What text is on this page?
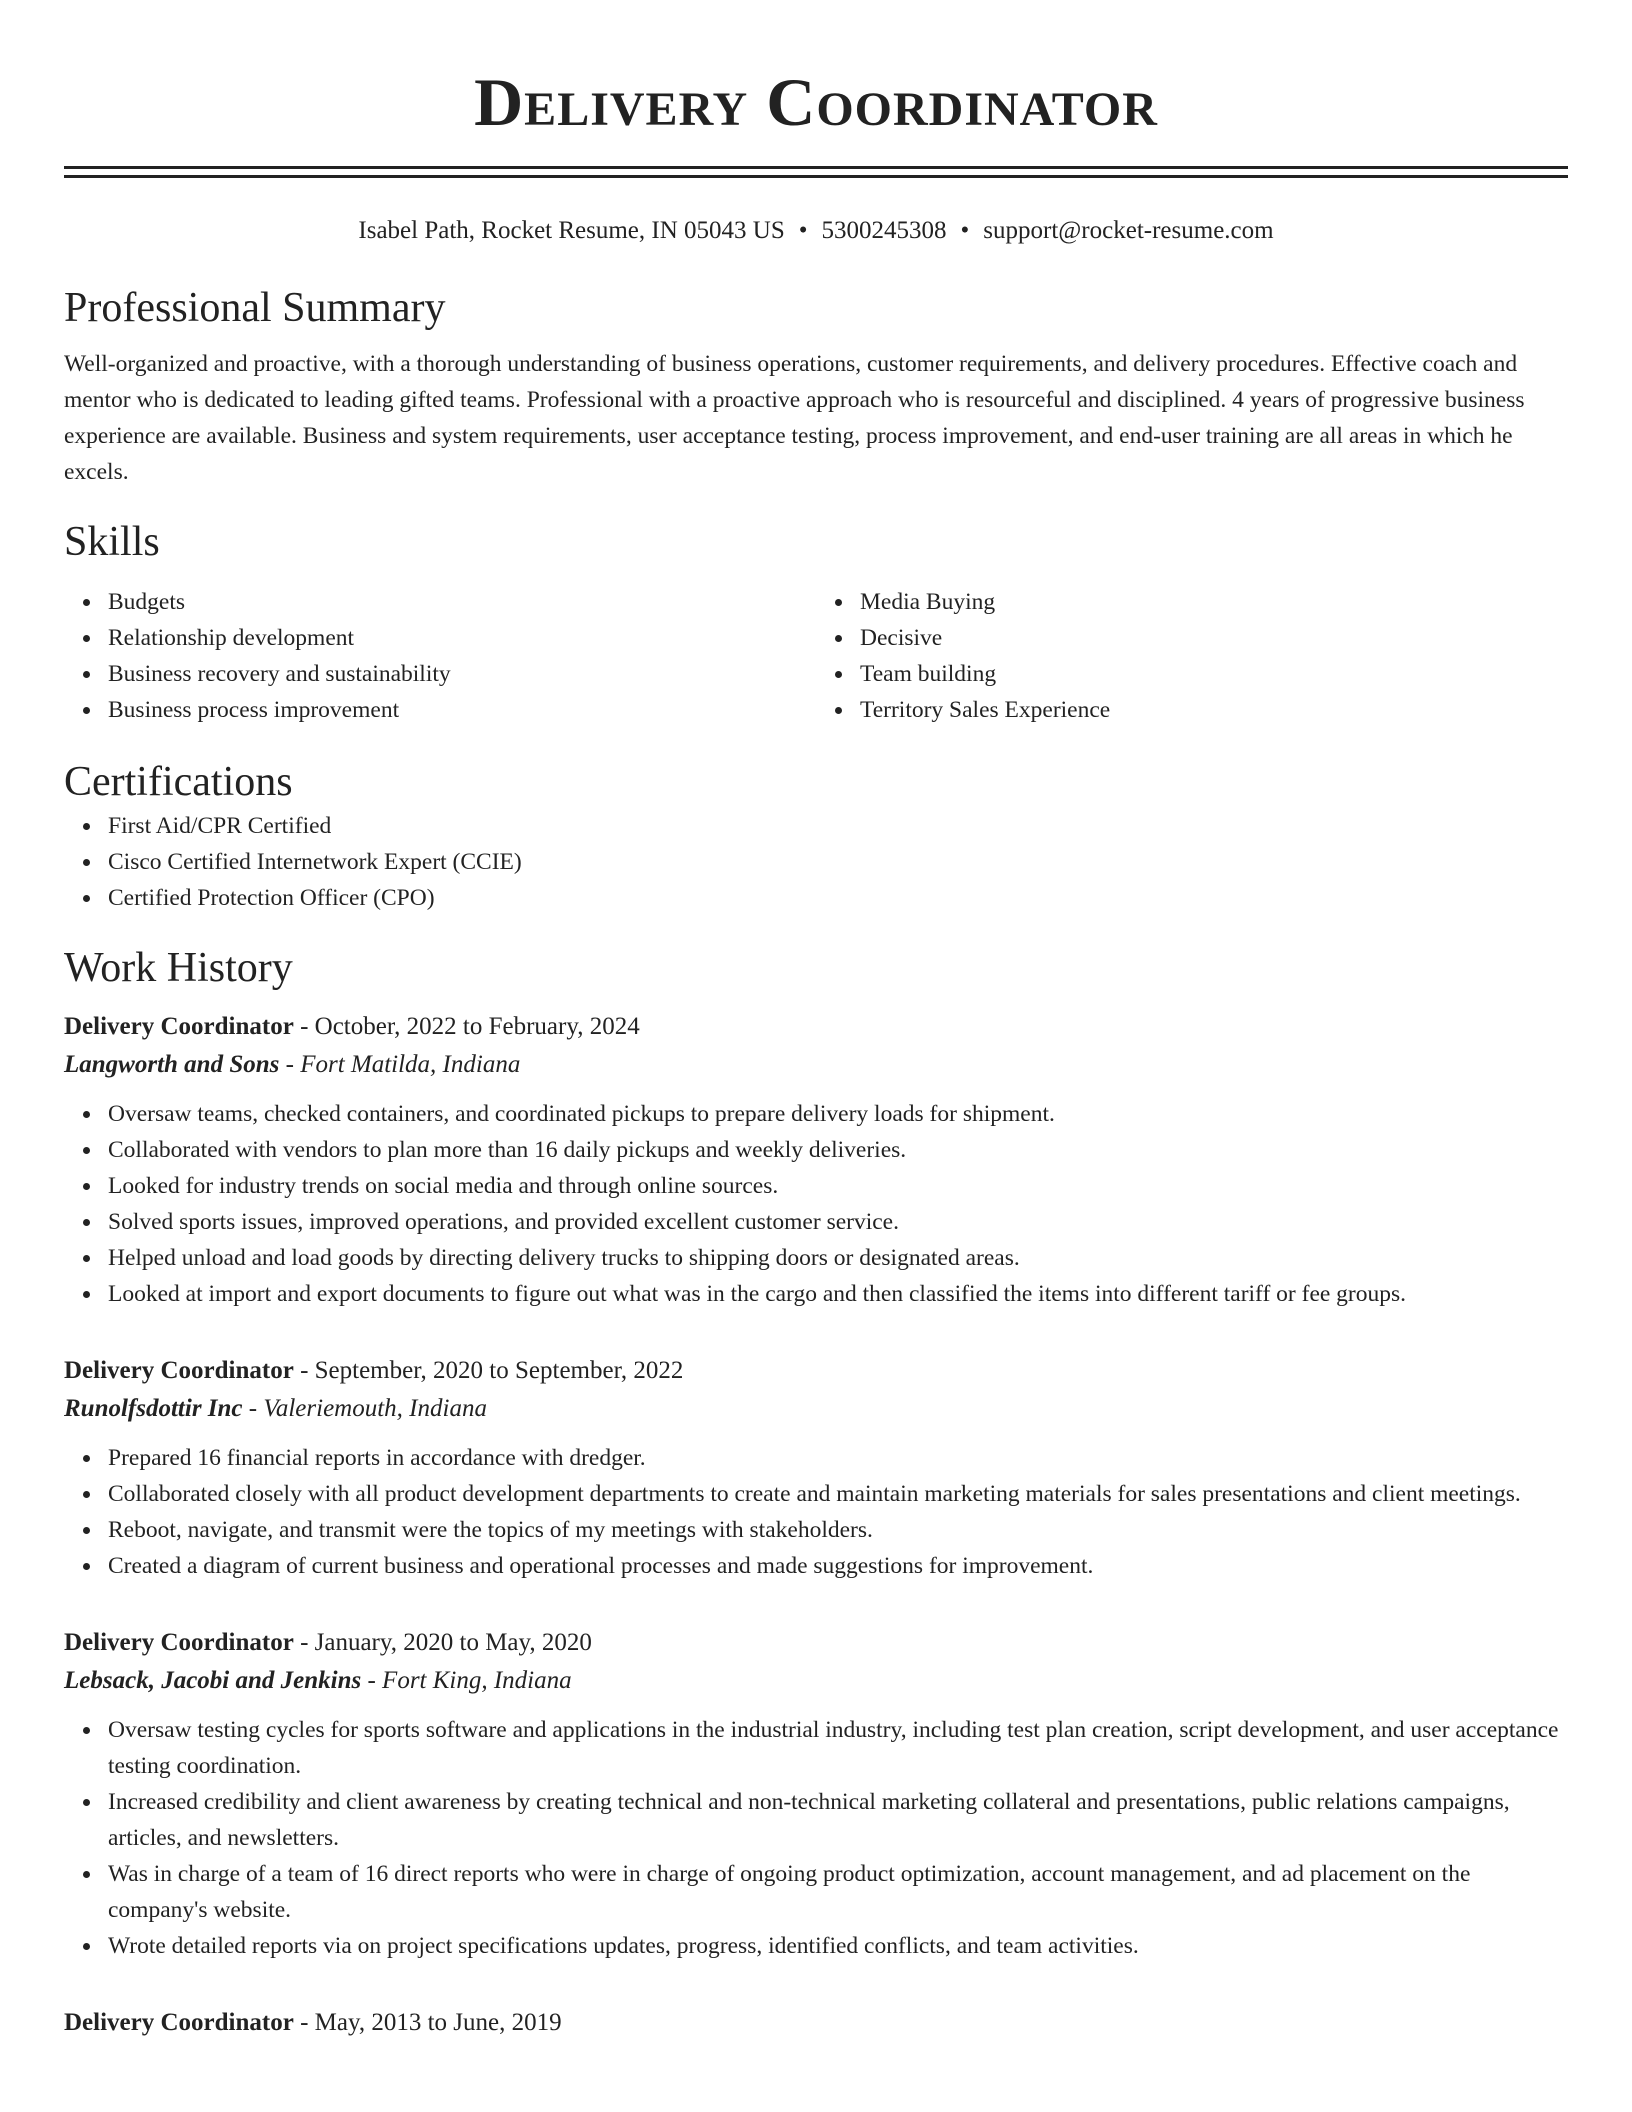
Delivery Coordinator
Isabel Path, Rocket Resume, IN 05043 US • 5300245308 • support@rocket-resume.com
Professional Summary

Well-organized and proactive, with a thorough understanding of business operations, customer requirements, and delivery procedures. Effective coach and mentor who is dedicated to leading gifted teams. Professional with a proactive approach who is resourceful and disciplined. 4 years of progressive business experience are available. Business and system requirements, user acceptance testing, process improvement, and end-user training are all areas in which he excels.

Skills
Budgets
Relationship development
Business recovery and sustainability
Business process improvement
Media Buying
Decisive
Team building
Territory Sales Experience
Certifications
First Aid/CPR Certified
Cisco Certified Internetwork Expert (CCIE)
Certified Protection Officer (CPO)
Work History
Delivery Coordinator - October, 2022 to February, 2024
Langworth and Sons - Fort Matilda, Indiana
Oversaw teams, checked containers, and coordinated pickups to prepare delivery loads for shipment.
Collaborated with vendors to plan more than 16 daily pickups and weekly deliveries.
Looked for industry trends on social media and through online sources.
Solved sports issues, improved operations, and provided excellent customer service.
Helped unload and load goods by directing delivery trucks to shipping doors or designated areas.
Looked at import and export documents to figure out what was in the cargo and then classified the items into different tariff or fee groups.
Delivery Coordinator - September, 2020 to September, 2022
Runolfsdottir Inc - Valeriemouth, Indiana
Prepared 16 financial reports in accordance with dredger.
Collaborated closely with all product development departments to create and maintain marketing materials for sales presentations and client meetings.
Reboot, navigate, and transmit were the topics of my meetings with stakeholders.
Created a diagram of current business and operational processes and made suggestions for improvement.
Delivery Coordinator - January, 2020 to May, 2020
Lebsack, Jacobi and Jenkins - Fort King, Indiana
Oversaw testing cycles for sports software and applications in the industrial industry, including test plan creation, script development, and user acceptance testing coordination.
Increased credibility and client awareness by creating technical and non-technical marketing collateral and presentations, public relations campaigns, articles, and newsletters.
Was in charge of a team of 16 direct reports who were in charge of ongoing product optimization, account management, and ad placement on the company's website.
Wrote detailed reports via on project specifications updates, progress, identified conflicts, and team activities.
Delivery Coordinator - May, 2013 to June, 2019
